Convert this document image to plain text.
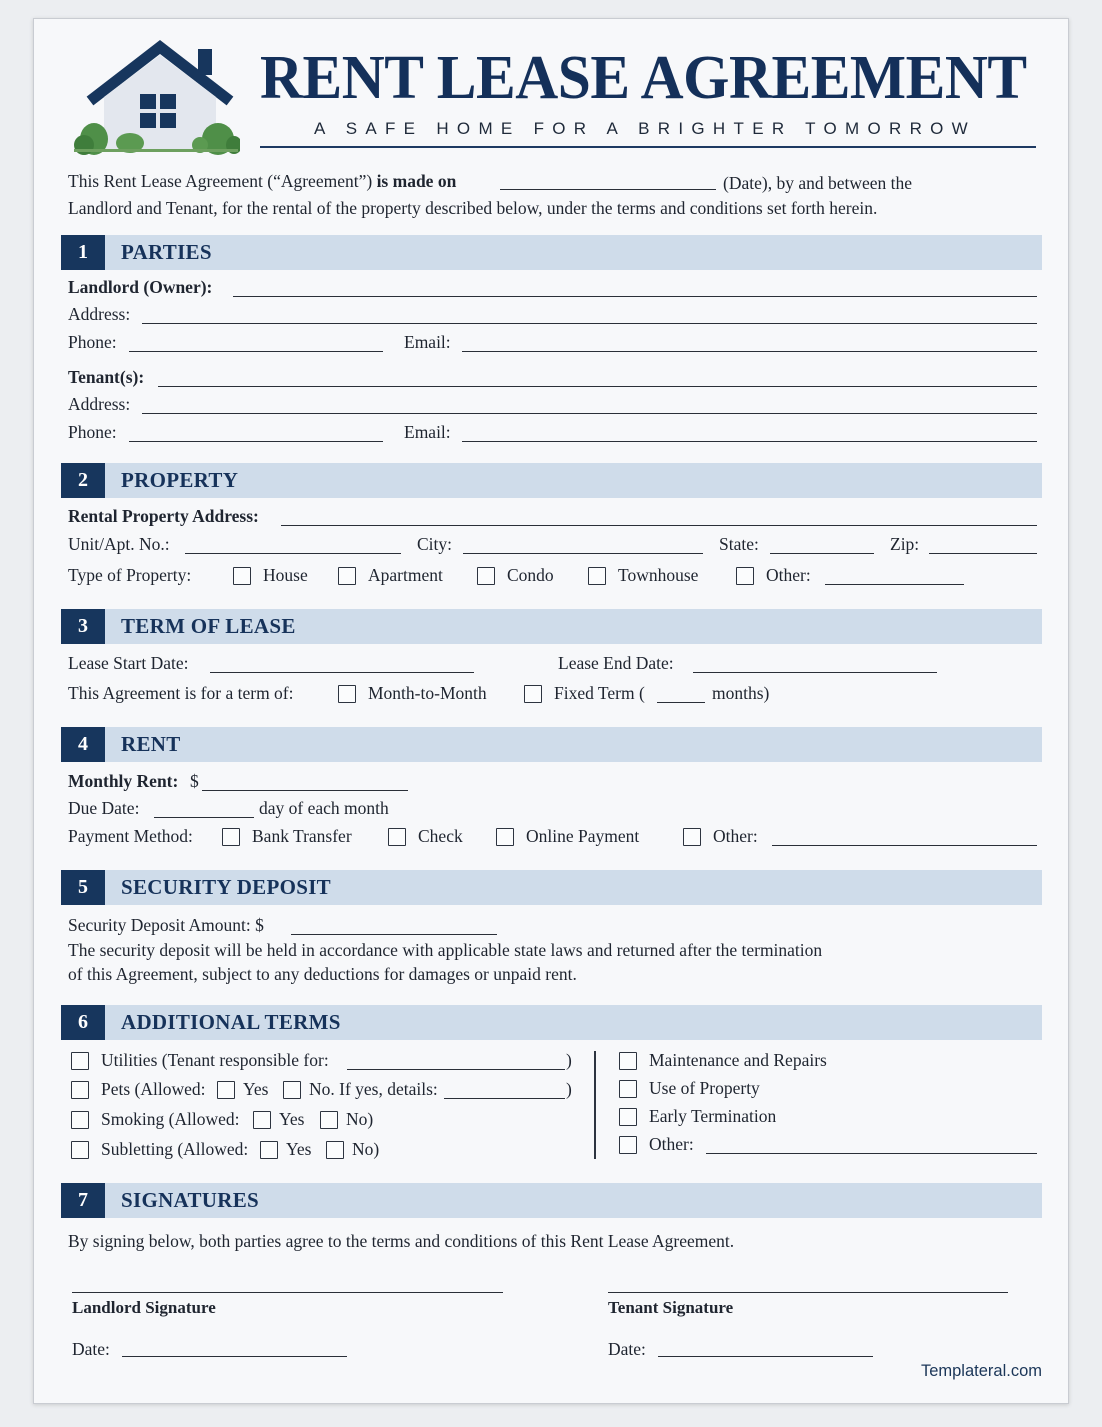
RENT LEASE AGREEMENT
A SAFE HOME FOR A BRIGHTER TOMORROW
This Rent Lease Agreement (“Agreement”) is made on	(Date), by and between the
Landlord and Tenant, for the rental of the property described below, under the terms and conditions set forth herein.
1	PARTIES
Landlord (Owner):
Address:
Phone:	Email:
Tenant(s):
Address:
Phone:	Email:
2	PROPERTY
Rental Property Address:
Unit/Apt. No.:	City:	State:	Zip:
Type of Property:	House	Apartment	Condo	Townhouse	Other:
3	TERM OF LEASE
Lease Start Date:	Lease End Date:
This Agreement is for a term of:	Month-to-Month	Fixed Term (	months)
4	RENT
Monthly Rent: $
Due Date:	day of each month
Payment Method:	Bank Transfer	Check	Online Payment	Other:
5	SECURITY DEPOSIT
Security Deposit Amount: $
The security deposit will be held in accordance with applicable state laws and returned after the termination
of this Agreement, subject to any deductions for damages or unpaid rent.
6	ADDITIONAL TERMS
Utilities (Tenant responsible for:	)
Pets (Allowed: Yes No. If yes, details:	)
Smoking (Allowed: Yes No)
Subletting (Allowed: Yes No)
Maintenance and Repairs
Use of Property
Early Termination
Other:
7	SIGNATURES
By signing below, both parties agree to the terms and conditions of this Rent Lease Agreement.
Landlord Signature
Date:
Tenant Signature
Date:
Templateral.com
